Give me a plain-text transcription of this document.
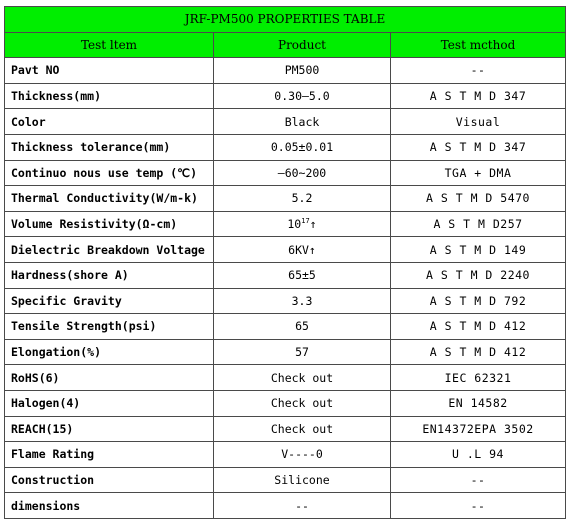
JRF-PM500 PROPERTIES TABLE		
Test ltem	Product	Test mcthod
Pavt NO	PM500	--
Thickness(mm)	0.30—5.0	A S T M D 347
Color	Black	Visual
Thickness tolerance(mm)	0.05±0.01	A S T M D 347
Continuo nous use temp (℃)	—60~200	TGA + DMA
Thermal Conductivity(W/m-k)	5.2	A S T M D 5470
Volume Resistivity(Ω-cm)	$10^{17}↑$	A S T M D257
Dielectric Breakdown Voltage	6KV↑	A S T M D 149
Hardness(shore A)	65±5	A S T M D 2240
Specific Gravity	3.3	A S T M D 792
Tensile Strength(psi)	65	A S T M D 412
Elongation(%)	57	A S T M D 412
RoHS(6)	Check out	IEC 62321
Halogen(4)	Check out	EN 14582
REACH(15)	Check out	EN14372EPA 3502
Flame Rating	V----0	U .L 94
Construction	Silicone	--
dimensions	--	--
